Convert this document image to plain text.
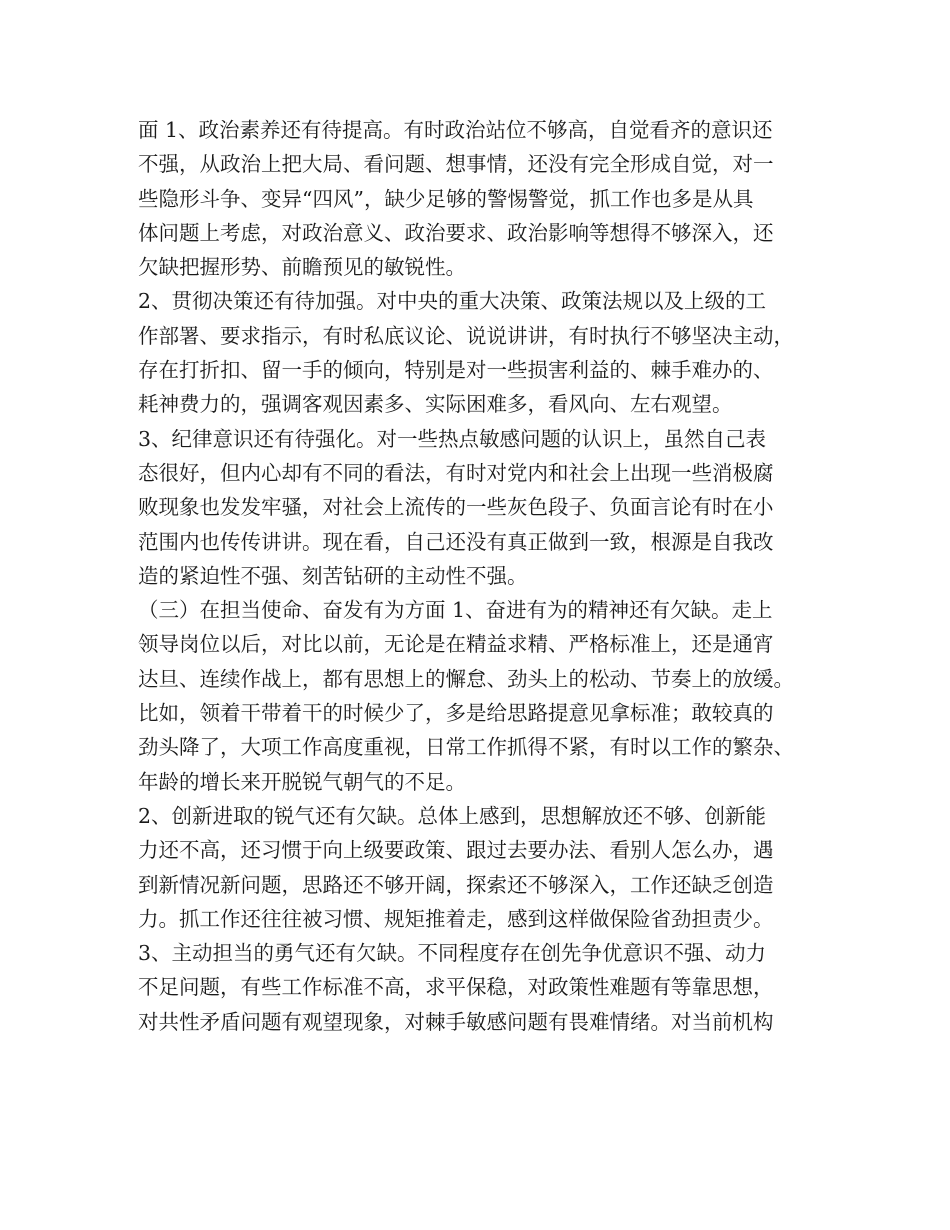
面 1、政治素养还有待提高。有时政治站位不够高，自觉看齐的意识还
不强，从政治上把大局、看问题、想事情，还没有完全形成自觉，对一
些隐形斗争、变异“四风”，缺少足够的警惕警觉，抓工作也多是从具
体问题上考虑，对政治意义、政治要求、政治影响等想得不够深入，还
欠缺把握形势、前瞻预见的敏锐性。
2、贯彻决策还有待加强。对中央的重大决策、政策法规以及上级的工
作部署、要求指示，有时私底议论、说说讲讲，有时执行不够坚决主动，
存在打折扣、留一手的倾向，特别是对一些损害利益的、棘手难办的、
耗神费力的，强调客观因素多、实际困难多，看风向、左右观望。
3、纪律意识还有待强化。对一些热点敏感问题的认识上，虽然自己表
态很好，但内心却有不同的看法，有时对党内和社会上出现一些消极腐
败现象也发发牢骚，对社会上流传的一些灰色段子、负面言论有时在小
范围内也传传讲讲。现在看，自己还没有真正做到一致，根源是自我改
造的紧迫性不强、刻苦钻研的主动性不强。
（三）在担当使命、奋发有为方面 1、奋进有为的精神还有欠缺。走上
领导岗位以后，对比以前，无论是在精益求精、严格标准上，还是通宵
达旦、连续作战上，都有思想上的懈怠、劲头上的松动、节奏上的放缓。
比如，领着干带着干的时候少了，多是给思路提意见拿标准；敢较真的
劲头降了，大项工作高度重视，日常工作抓得不紧，有时以工作的繁杂、
年龄的增长来开脱锐气朝气的不足。
2、创新进取的锐气还有欠缺。总体上感到，思想解放还不够、创新能
力还不高，还习惯于向上级要政策、跟过去要办法、看别人怎么办，遇
到新情况新问题，思路还不够开阔，探索还不够深入，工作还缺乏创造
力。抓工作还往往被习惯、规矩推着走，感到这样做保险省劲担责少。
3、主动担当的勇气还有欠缺。不同程度存在创先争优意识不强、动力
不足问题，有些工作标准不高，求平保稳，对政策性难题有等靠思想，
对共性矛盾问题有观望现象，对棘手敏感问题有畏难情绪。对当前机构
